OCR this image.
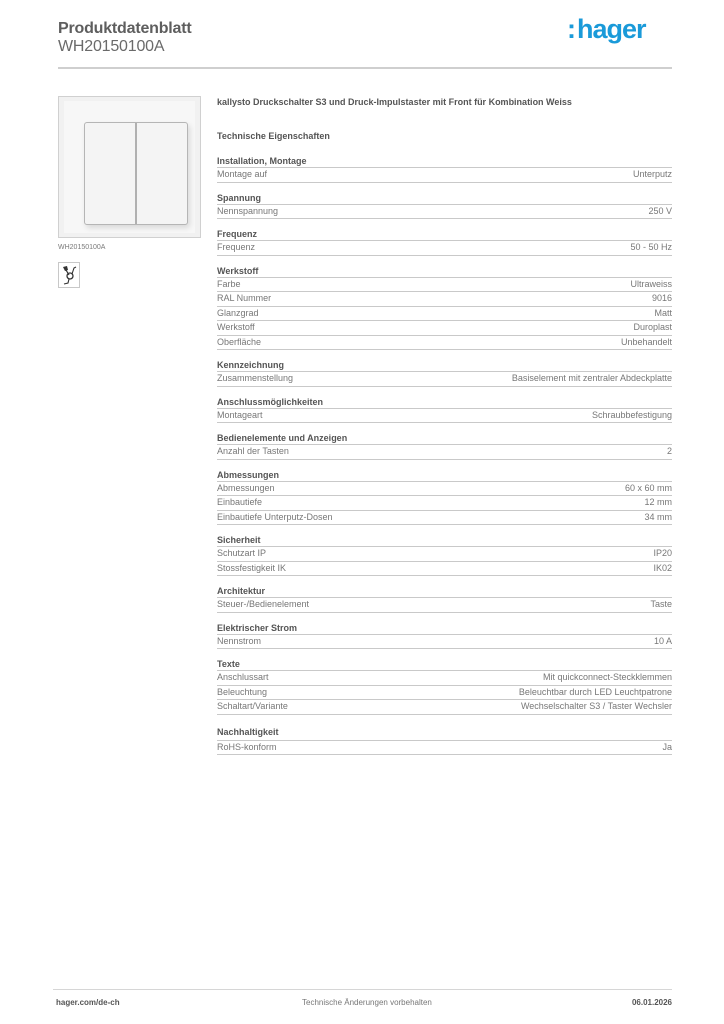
Produktdatenblatt
WH20150100A
:hager
WH20150100A
kallysto Druckschalter S3 und Druck-Impulstaster mit Front für Kombination Weiss
Technische Eigenschaften
Installation, Montage
Montage auf	Unterputz
Spannung
Nennspannung	250 V
Frequenz
Frequenz	50 - 50 Hz
Werkstoff
Farbe	Ultraweiss
RAL Nummer	9016
Glanzgrad	Matt
Werkstoff	Duroplast
Oberfläche	Unbehandelt
Kennzeichnung
Zusammenstellung	Basiselement mit zentraler Abdeckplatte
Anschlussmöglichkeiten
Montageart	Schraubbefestigung
Bedienelemente und Anzeigen
Anzahl der Tasten	2
Abmessungen
Abmessungen	60 x 60 mm
Einbautiefe	12 mm
Einbautiefe Unterputz-Dosen	34 mm
Sicherheit
Schutzart IP	IP20
Stossfestigkeit IK	IK02
Architektur
Steuer-/Bedienelement	Taste
Elektrischer Strom
Nennstrom	10 A
Texte
Anschlussart	Mit quickconnect-Steckklemmen
Beleuchtung	Beleuchtbar durch LED Leuchtpatrone
Schaltart/Variante	Wechselschalter S3 / Taster Wechsler
Nachhaltigkeit
RoHS-konform	Ja
hager.com/de-ch	Technische Änderungen vorbehalten	06.01.2026
